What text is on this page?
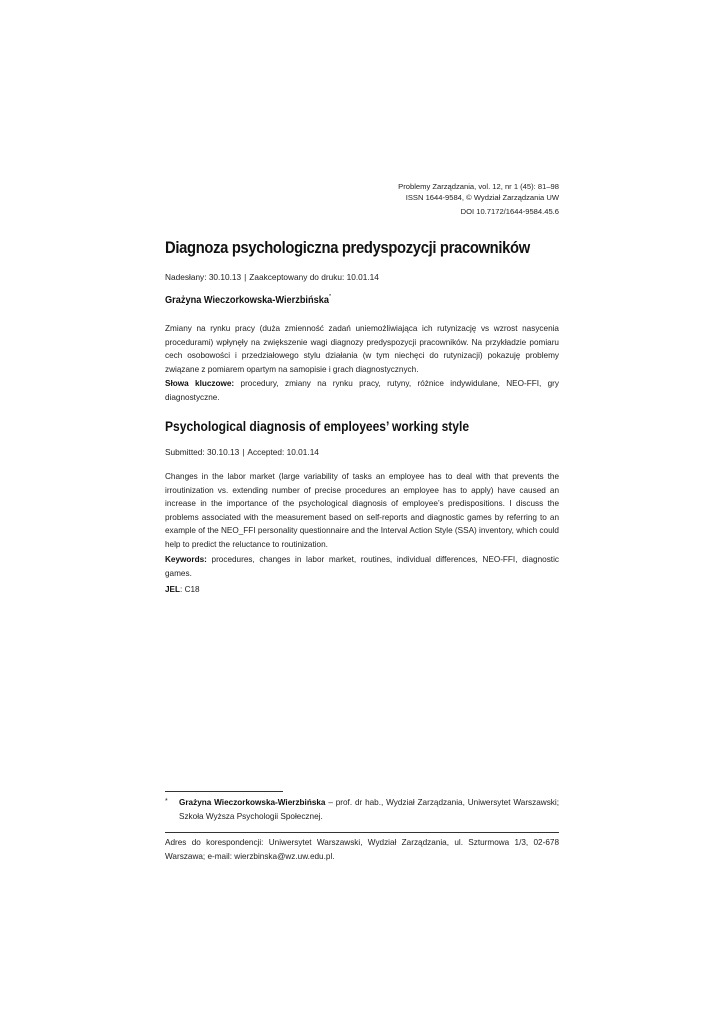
Problemy Zarządzania, vol. 12, nr 1 (45): 81–98
ISSN 1644-9584, © Wydział Zarządzania UW
DOI 10.7172/1644-9584.45.6
Diagnoza psychologiczna predyspozycji pracowników
Nadesłany: 30.10.13 | Zaakceptowany do druku: 10.01.14
Grażyna Wieczorkowska-Wierzbińska*

Zmiany na rynku pracy (duża zmienność zadań uniemożliwiająca ich rutynizację vs wzrost nasycenia procedurami) wpłynęły na zwiększenie wagi diagnozy predyspozycji pracowników. Na przykładzie pomiaru cech osobowości i przedziałowego stylu działania (w tym niechęci do rutynizacji) pokazuję problemy związane z pomiarem opartym na samopisie i grach diagnostycznych.

Słowa kluczowe: procedury, zmiany na rynku pracy, rutyny, różnice indywidulane, NEO-FFI, gry diagnostyczne.

Psychological diagnosis of employees’ working style
Submitted: 30.10.13 | Accepted: 10.01.14

Changes in the labor market (large variability of tasks an employee has to deal with that prevents the irroutinization vs. extending number of precise procedures an employee has to apply) have caused an increase in the importance of the psychological diagnosis of employee’s predispositions. I discuss the problems associated with the measurement based on self-reports and diagnostic games by referring to an example of the NEO_FFI personality questionnaire and the Interval Action Style (SSA) inventory, which could help to predict the reluctance to routinization.

Keywords: procedures, changes in labor market, routines, individual differences, NEO-FFI, diagnostic games.

JEL: C18
* Grażyna Wieczorkowska-Wierzbińska – prof. dr hab., Wydział Zarządzania, Uniwersytet Warszawski; Szkoła Wyższa Psychologii Społecznej.

Adres do korespondencji: Uniwersytet Warszawski, Wydział Zarządzania, ul. Szturmowa 1/3, 02-678 Warszawa; e-mail: wierzbinska@wz.uw.edu.pl.
